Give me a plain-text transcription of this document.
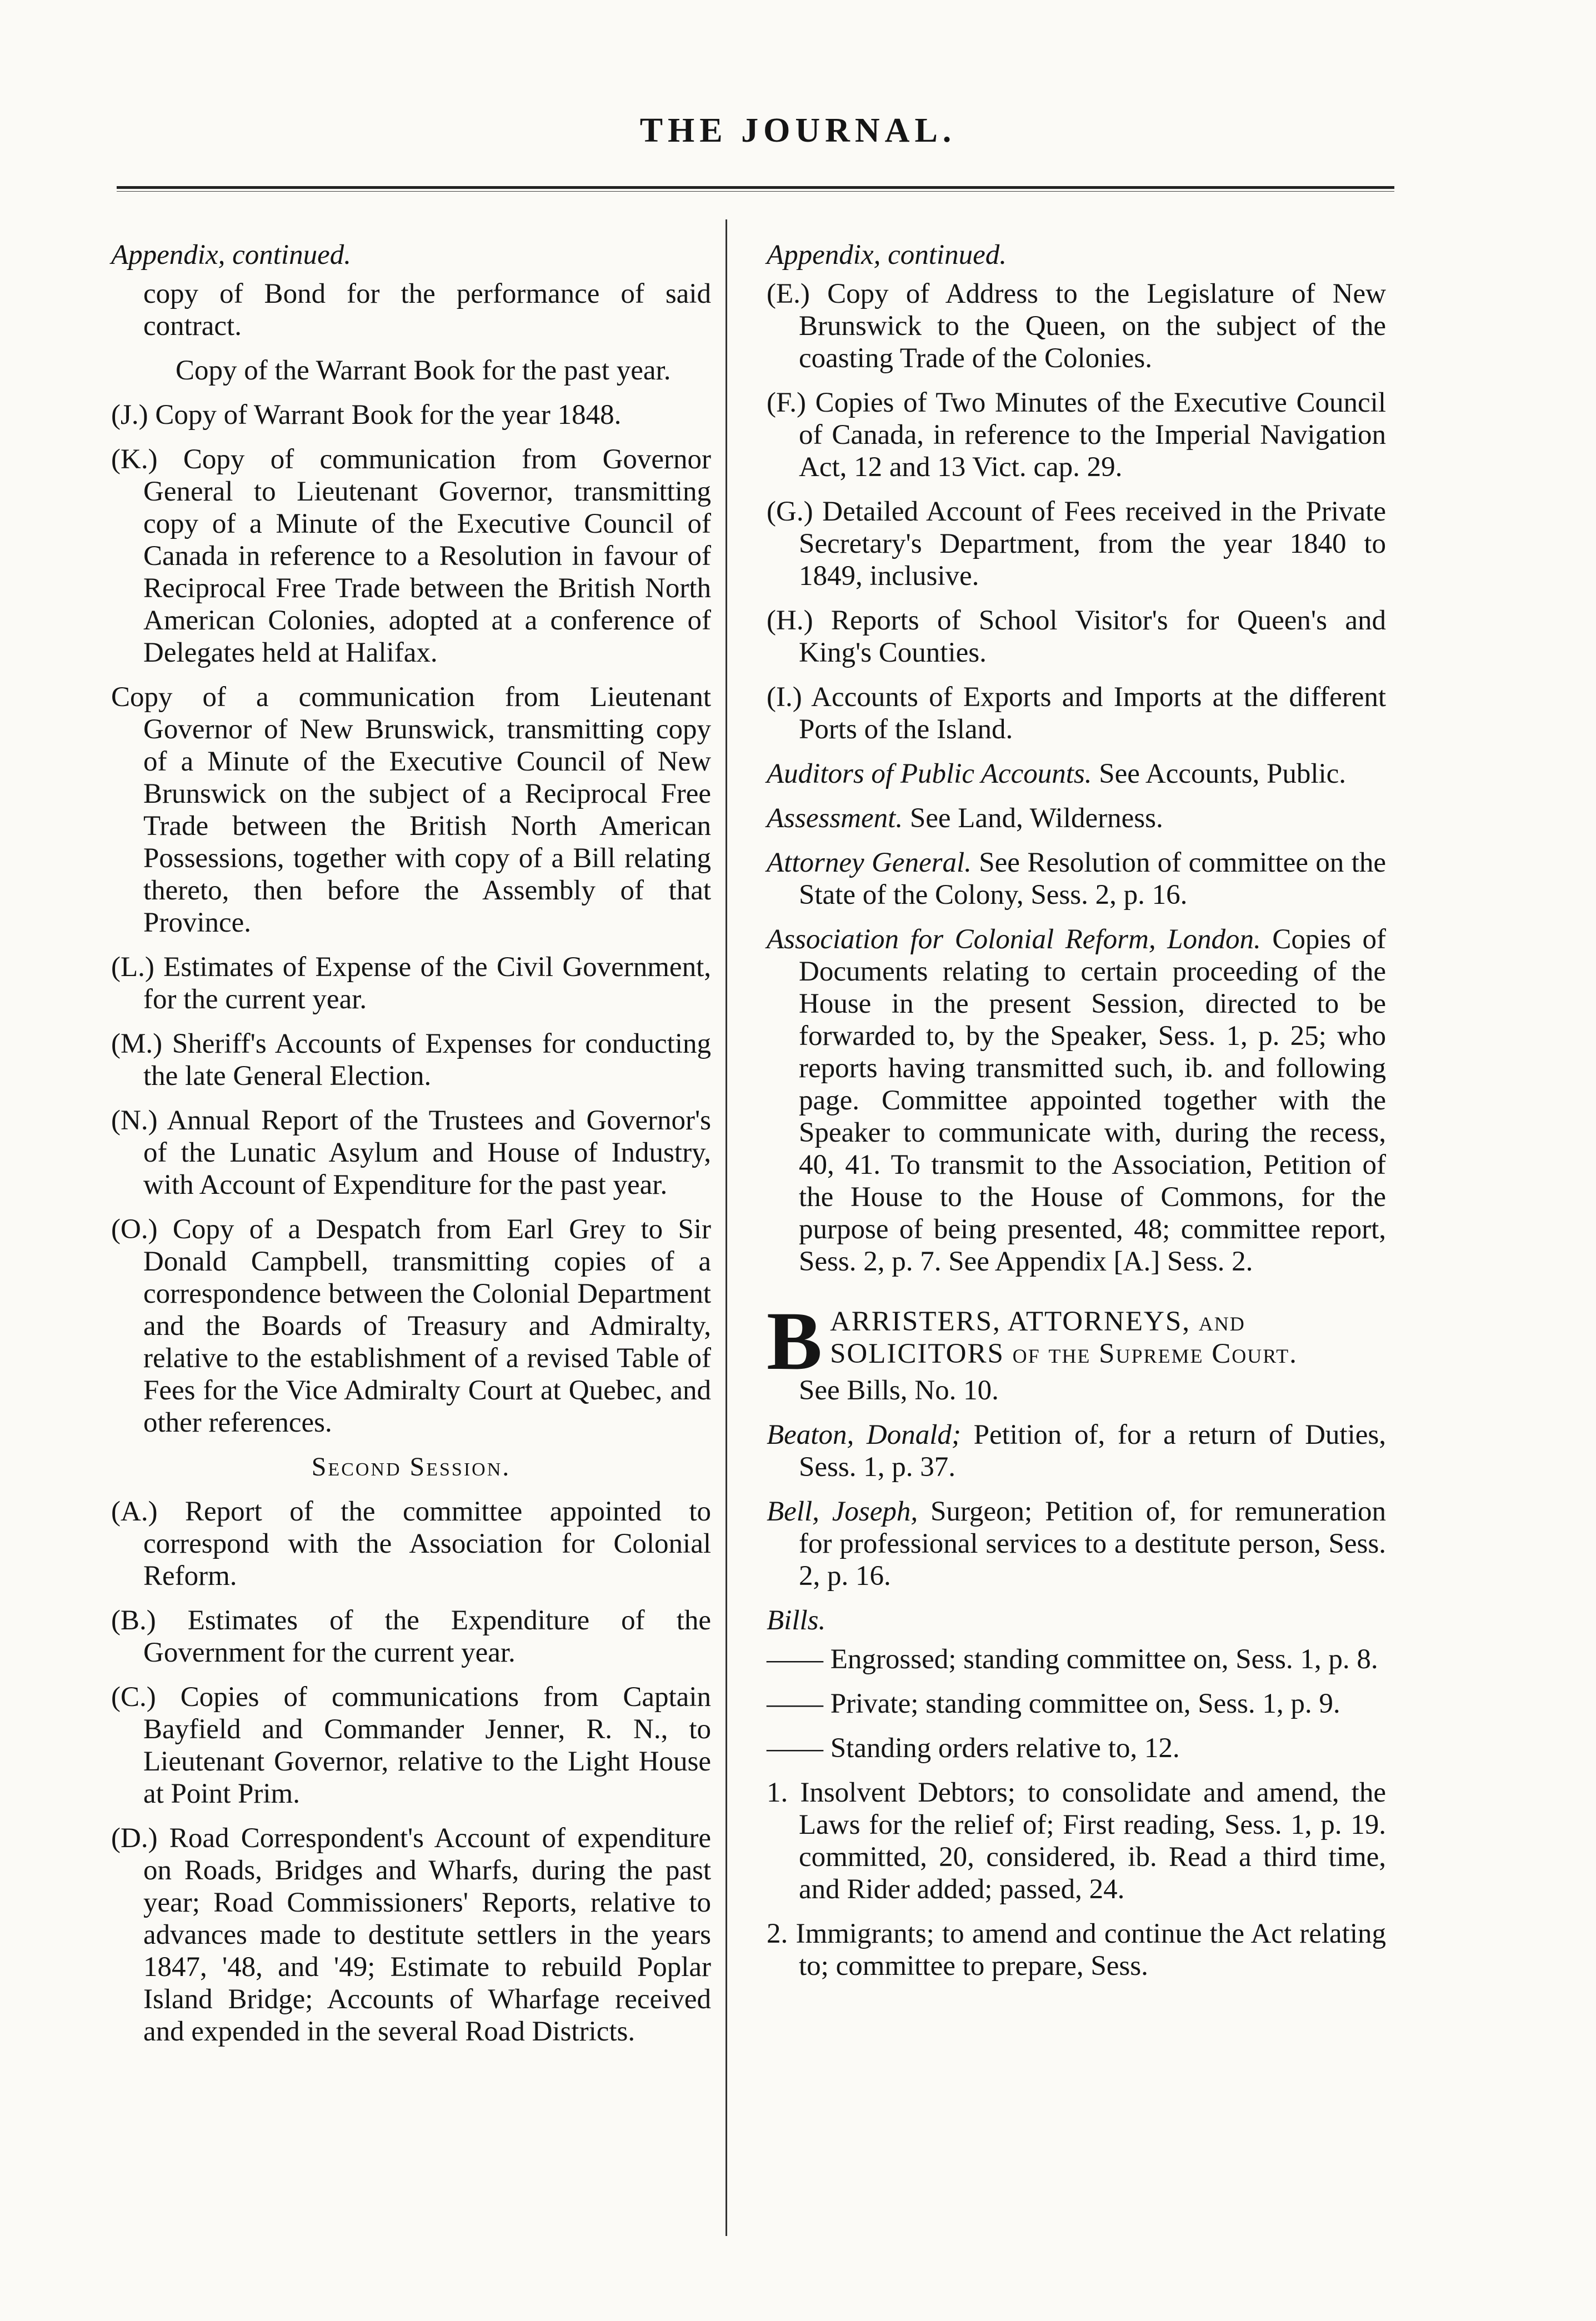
THE JOURNAL.
Appendix, continued.
copy of Bond for the performance of said contract.
Copy of the Warrant Book for the past year.
(J.) Copy of Warrant Book for the year 1848.
(K.) Copy of communication from Governor General to Lieutenant Governor, transmitting copy of a Minute of the Executive Council of Canada in reference to a Resolution in favour of Reciprocal Free Trade between the British North American Colonies, adopted at a conference of Delegates held at Halifax.
Copy of a communication from Lieutenant Governor of New Brunswick, transmitting copy of a Minute of the Executive Council of New Brunswick on the subject of a Reciprocal Free Trade between the British North American Possessions, together with copy of a Bill relating thereto, then before the Assembly of that Province.
(L.) Estimates of Expense of the Civil Government, for the current year.
(M.) Sheriff's Accounts of Expenses for conducting the late General Election.
(N.) Annual Report of the Trustees and Governor's of the Lunatic Asylum and House of Industry, with Account of Expenditure for the past year.
(O.) Copy of a Despatch from Earl Grey to Sir Donald Campbell, transmitting copies of a correspondence between the Colonial Department and the Boards of Treasury and Admiralty, relative to the establishment of a revised Table of Fees for the Vice Admiralty Court at Quebec, and other references.
Second Session.
(A.) Report of the committee appointed to correspond with the Association for Colonial Reform.
(B.) Estimates of the Expenditure of the Government for the current year.
(C.) Copies of communications from Captain Bayfield and Commander Jenner, R. N., to Lieutenant Governor, relative to the Light House at Point Prim.
(D.) Road Correspondent's Account of expenditure on Roads, Bridges and Wharfs, during the past year; Road Commissioners' Reports, relative to advances made to destitute settlers in the years 1847, '48, and '49; Estimate to rebuild Poplar Island Bridge; Accounts of Wharfage received and expended in the several Road Districts.
Appendix, continued.
(E.) Copy of Address to the Legislature of New Brunswick to the Queen, on the subject of the coasting Trade of the Colonies.
(F.) Copies of Two Minutes of the Executive Council of Canada, in reference to the Imperial Navigation Act, 12 and 13 Vict. cap. 29.
(G.) Detailed Account of Fees received in the Private Secretary's Department, from the year 1840 to 1849, inclusive.
(H.) Reports of School Visitor's for Queen's and King's Counties.
(I.) Accounts of Exports and Imports at the different Ports of the Island.
Auditors of Public Accounts. See Accounts, Public.
Assessment. See Land, Wilderness.
Attorney General. See Resolution of committee on the State of the Colony, Sess. 2, p. 16.
Association for Colonial Reform, London. Copies of Documents relating to certain proceeding of the House in the present Session, directed to be forwarded to, by the Speaker, Sess. 1, p. 25; who reports having transmitted such, ib. and following page. Committee appointed together with the Speaker to communicate with, during the recess, 40, 41. To transmit to the Association, Petition of the House to the House of Commons, for the purpose of being presented, 48; committee report, Sess. 2, p. 7. See Appendix [A.] Sess. 2.
B ARRISTERS, ATTORNEYS, and SOLICITORS of the Supreme Court.
See Bills, No. 10.
Beaton, Donald; Petition of, for a return of Duties, Sess. 1, p. 37.
Bell, Joseph, Surgeon; Petition of, for remuneration for professional services to a destitute person, Sess. 2, p. 16.
Bills.
—— Engrossed; standing committee on, Sess. 1, p. 8.
—— Private; standing committee on, Sess. 1, p. 9.
—— Standing orders relative to, 12.
1. Insolvent Debtors; to consolidate and amend, the Laws for the relief of; First reading, Sess. 1, p. 19. committed, 20, considered, ib. Read a third time, and Rider added; passed, 24.
2. Immigrants; to amend and continue the Act relating to; committee to prepare, Sess.
